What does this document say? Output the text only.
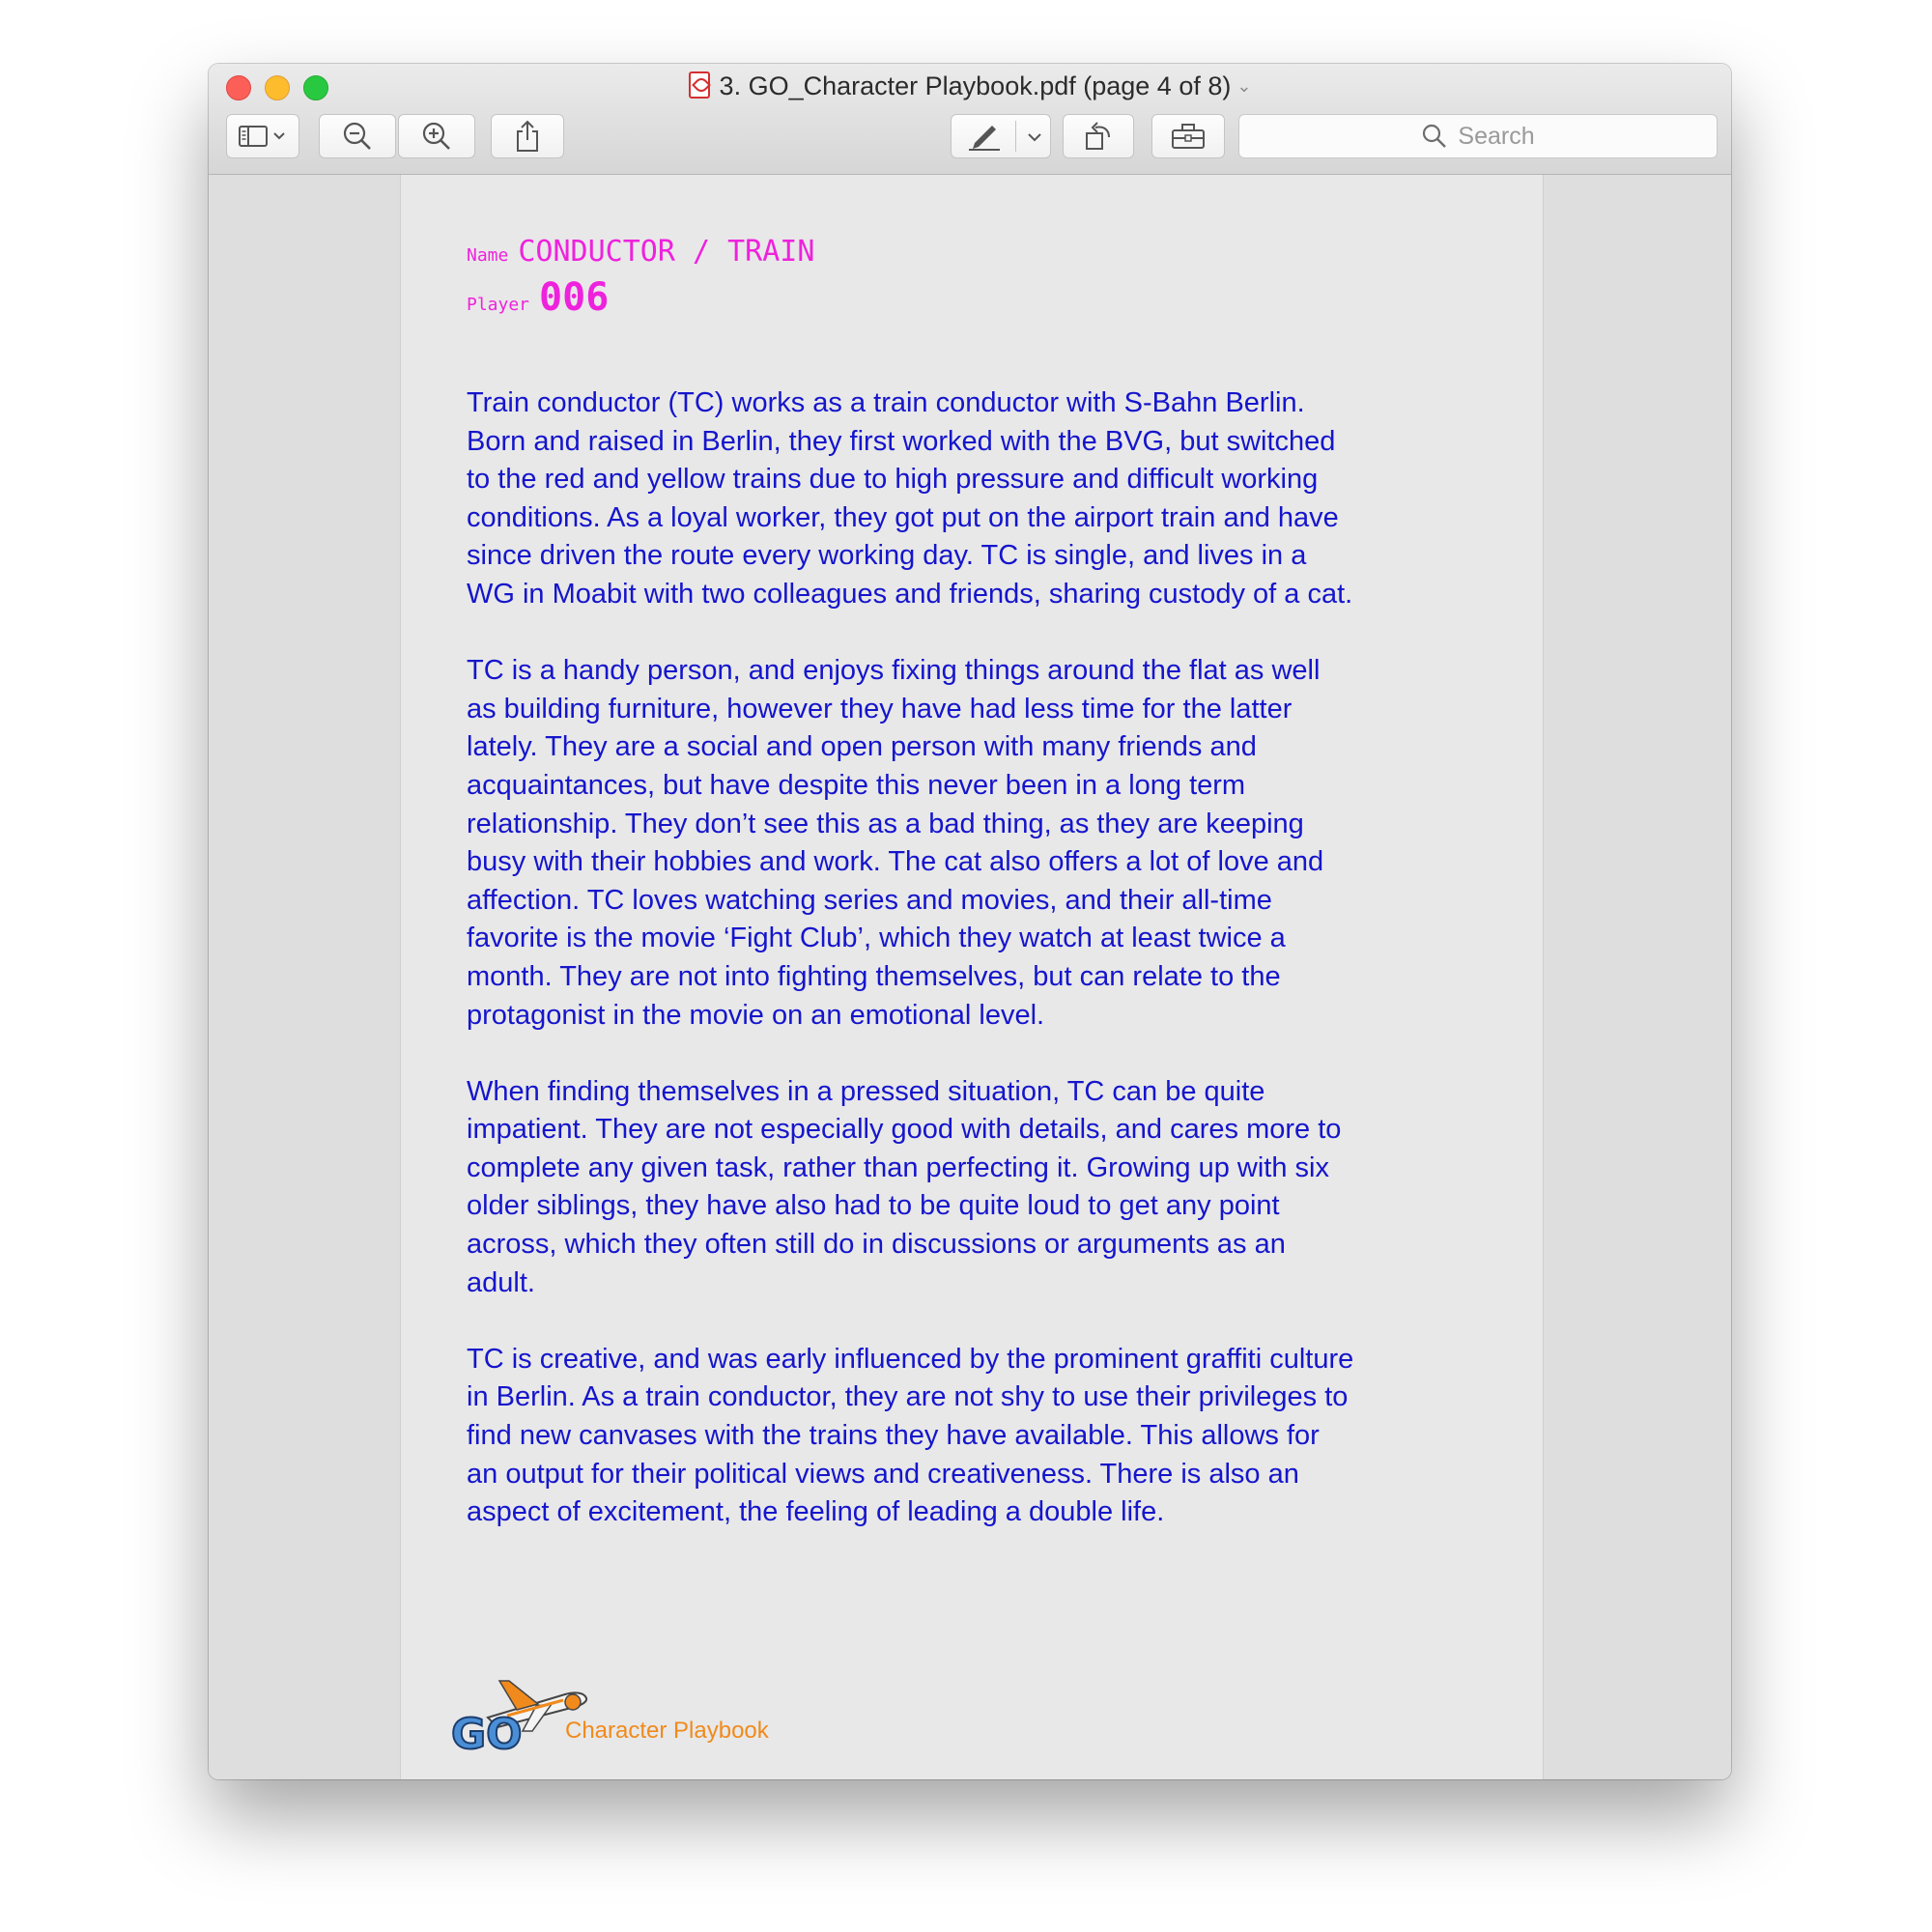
3. GO_Character Playbook.pdf (page 4 of 8) ⌄
Search
Name CONDUCTOR / TRAIN
Player 006

Train conductor (TC) works as a train conductor with S-Bahn Berlin. Born and raised in Berlin, they first worked with the BVG, but switched to the red and yellow trains due to high pressure and difficult working conditions. As a loyal worker, they got put on the airport train and have since driven the route every working day. TC is single, and lives in a WG in Moabit with two colleagues and friends, sharing custody of a cat.

TC is a handy person, and enjoys fixing things around the flat as well as building furniture, however they have had less time for the latter lately. They are a social and open person with many friends and acquaintances, but have despite this never been in a long term relationship. They don’t see this as a bad thing, as they are keeping busy with their hobbies and work. The cat also offers a lot of love and affection. TC loves watching series and movies, and their all-time favorite is the movie ‘Fight Club’, which they watch at least twice a month. They are not into fighting themselves, but can relate to the protagonist in the movie on an emotional level.

When finding themselves in a pressed situation, TC can be quite impatient. They are not especially good with details, and cares more to complete any given task, rather than perfecting it. Growing up with six older siblings, they have also had to be quite loud to get any point across, which they often still do in discussions or arguments as an adult.

TC is creative, and was early influenced by the prominent graffiti culture in Berlin. As a train conductor, they are not shy to use their privileges to find new canvases with the trains they have available. This allows for an output for their political views and creativeness. There is also an aspect of excitement, the feeling of leading a double life.

GO Character Playbook
